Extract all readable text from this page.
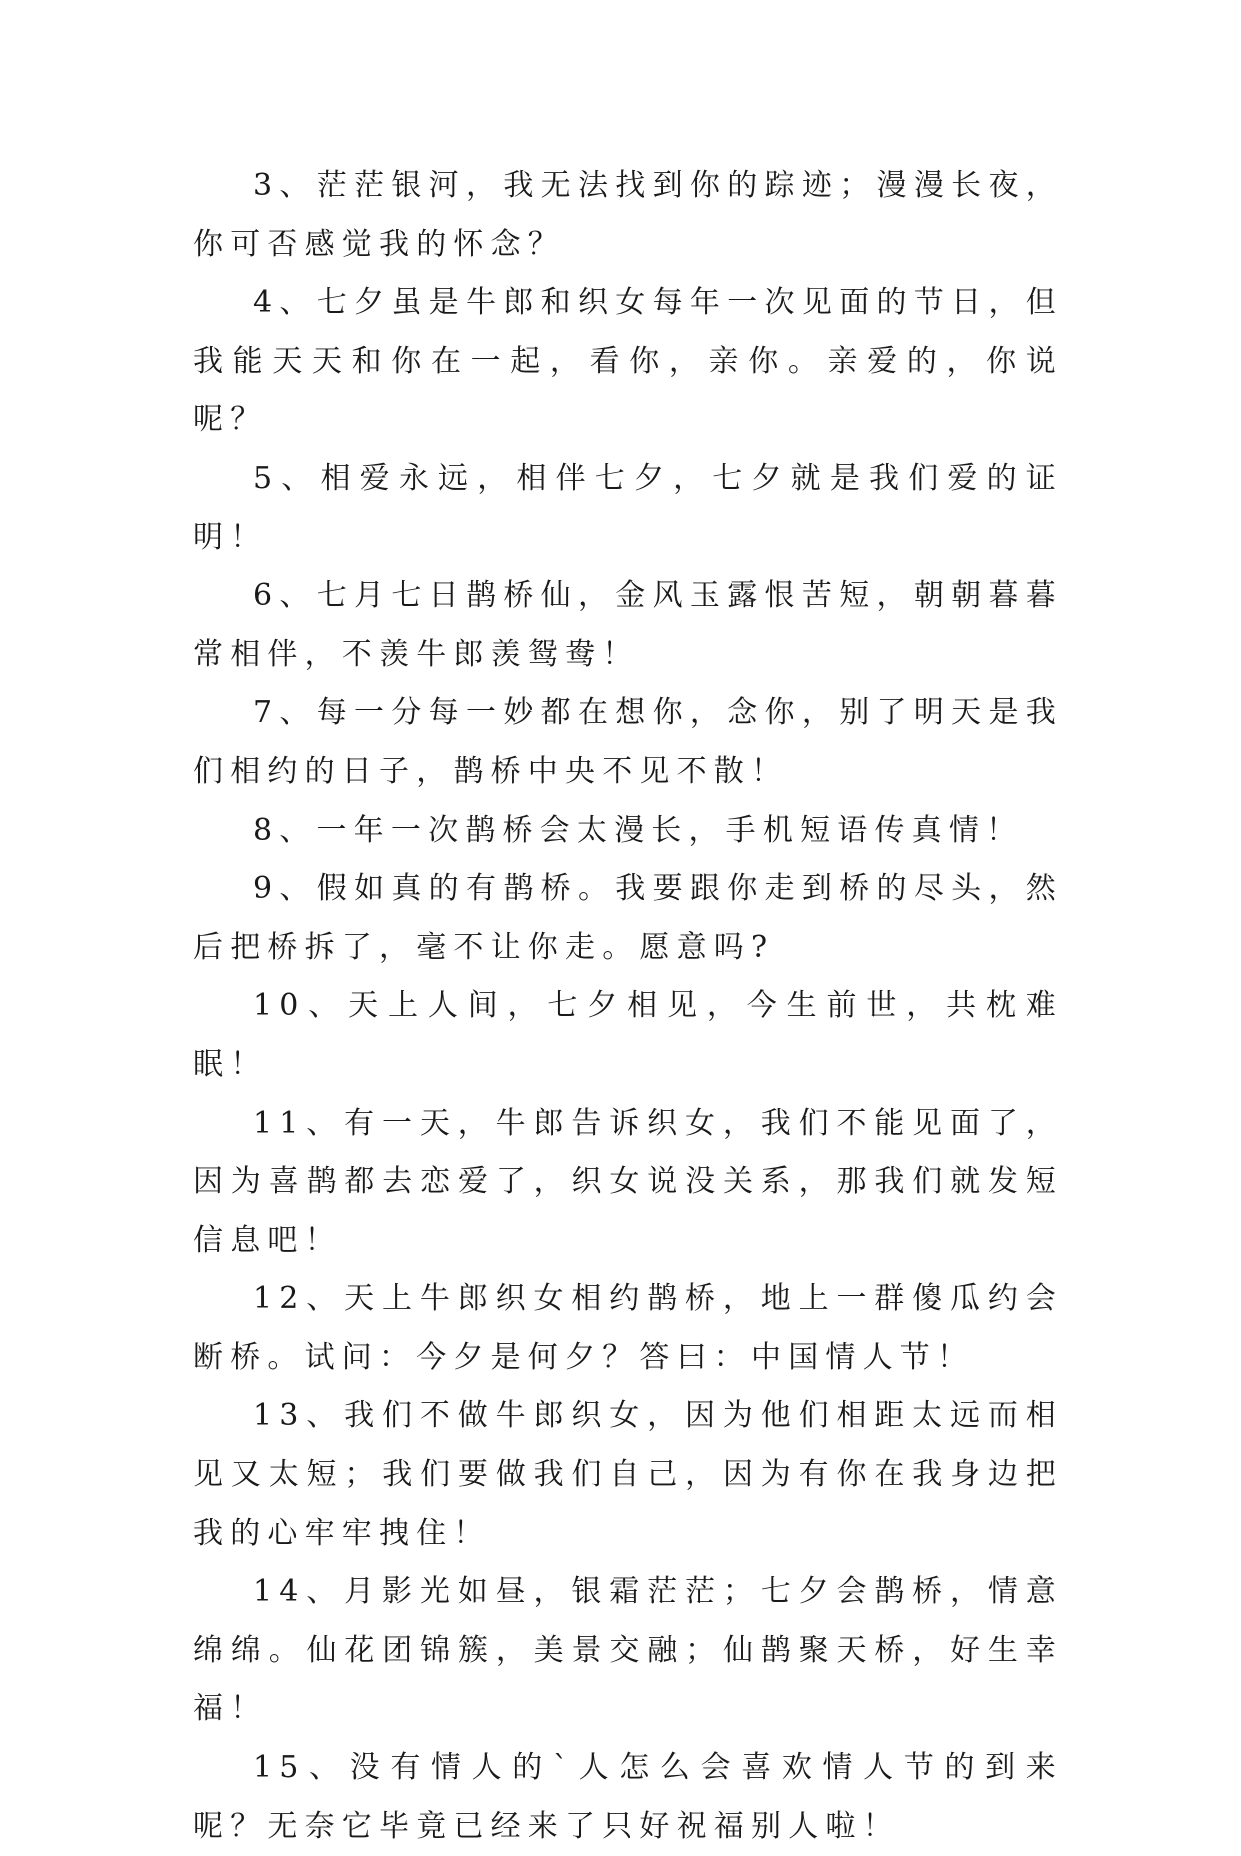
3、茫茫银河，我无法找到你的踪迹；漫漫长夜，你可否感觉我的怀念？

4、七夕虽是牛郎和织女每年一次见面的节日，但我能天天和你在一起，看你，亲你。亲爱的，你说呢？

5、相爱永远，相伴七夕，七夕就是我们爱的证明！

6、七月七日鹊桥仙，金风玉露恨苦短，朝朝暮暮常相伴，不羡牛郎羡鸳鸯！

7、每一分每一妙都在想你，念你，别了明天是我们相约的日子，鹊桥中央不见不散！

8、一年一次鹊桥会太漫长，手机短语传真情！

9、假如真的有鹊桥。我要跟你走到桥的尽头，然后把桥拆了，毫不让你走。愿意吗?

10、天上人间，七夕相见，今生前世，共枕难眠！

11、有一天，牛郎告诉织女，我们不能见面了，因为喜鹊都去恋爱了，织女说没关系，那我们就发短信息吧！

12、天上牛郎织女相约鹊桥，地上一群傻瓜约会断桥。试问：今夕是何夕？答曰：中国情人节！

13、我们不做牛郎织女，因为他们相距太远而相见又太短；我们要做我们自己，因为有你在我身边把我的心牢牢拽住！

14、月影光如昼，银霜茫茫；七夕会鹊桥，情意绵绵。仙花团锦簇，美景交融；仙鹊聚天桥，好生幸福！

15、没有情人的`人怎么会喜欢情人节的到来呢？无奈它毕竟已经来了只好祝福别人啦！
